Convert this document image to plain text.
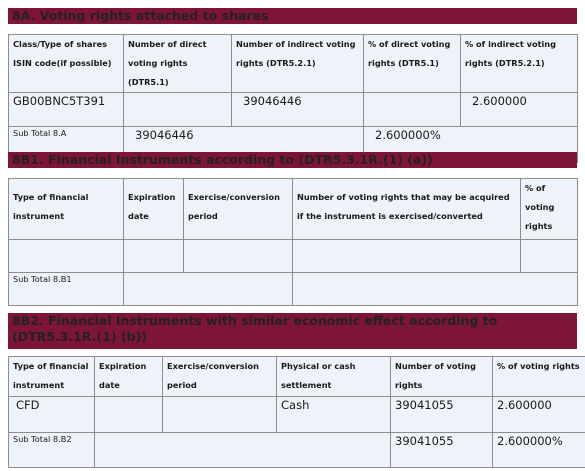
8A. Voting rights attached to shares
Class/Type of shares ISIN code(if possible)	Number of direct voting rights (DTR5.1)	Number of indirect voting rights (DTR5.2.1)	% of direct voting rights (DTR5.1)	% of indirect voting rights (DTR5.2.1)
GB00BNC5T391		39046446		2.600000
Sub Total 8.A	39046446		2.600000%	
8B1. Financial Instruments according to (DTR5.3.1R.(1) (a))
Type of financial instrument	Expiration date	Exercise/conversion period	Number of voting rights that may be acquired if the instrument is exercised/converted	% of voting rights

Sub Total 8.B1				
8B2. Financial Instruments with similar economic effect according to (DTR5.3.1R.(1) (b))
Type of financial instrument	Expiration date	Exercise/conversion period	Physical or cash settlement	Number of voting rights	% of voting rights
CFD			Cash	39041055	2.600000
Sub Total 8.B2				39041055	2.600000%
